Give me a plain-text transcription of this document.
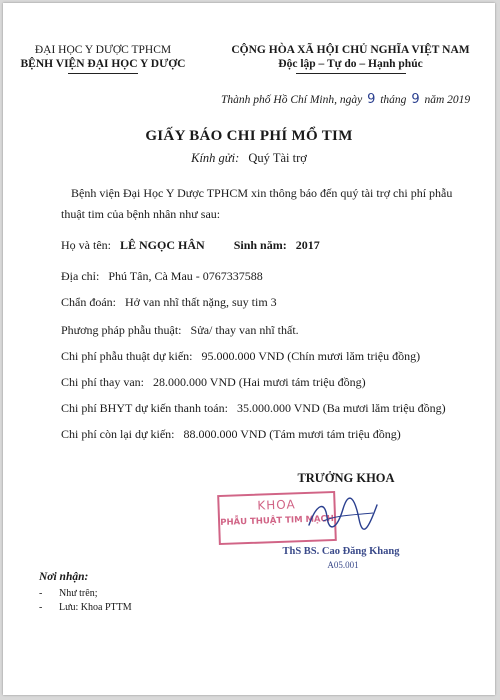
ĐẠI HỌC Y DƯỢC TPHCM
BỆNH VIỆN ĐẠI HỌC Y DƯỢC
CỘNG HÒA XÃ HỘI CHỦ NGHĨA VIỆT NAM
Độc lập – Tự do – Hạnh phúc
Thành phố Hồ Chí Minh, ngày 9 tháng 9 năm 2019
GIẤY BÁO CHI PHÍ MỔ TIM
Kính gửi: Quý Tài trợ
Bệnh viện Đại Học Y Dược TPHCM xin thông báo đến quý tài trợ chi phí phẫu thuật tim của bệnh nhân như sau:
Họ và tên: LÊ NGỌC HÂN Sinh năm: 2017
Địa chỉ: Phú Tân, Cà Mau - 0767337588
Chẩn đoán: Hở van nhĩ thất nặng, suy tim 3
Phương pháp phẫu thuật: Sửa/ thay van nhĩ thất.
Chi phí phẫu thuật dự kiến: 95.000.000 VND (Chín mươi lăm triệu đồng)
Chi phí thay van: 28.000.000 VND (Hai mươi tám triệu đồng)
Chi phí BHYT dự kiến thanh toán: 35.000.000 VND (Ba mươi lăm triệu đồng)
Chi phí còn lại dự kiến: 88.000.000 VND (Tám mươi tám triệu đồng)
TRƯỞNG KHOA
KHOA
PHẪU THUẬT TIM MẠCH
ThS BS. Cao Đăng Khang
A05.001
Nơi nhận:
- Như trên;
- Lưu: Khoa PTTM
